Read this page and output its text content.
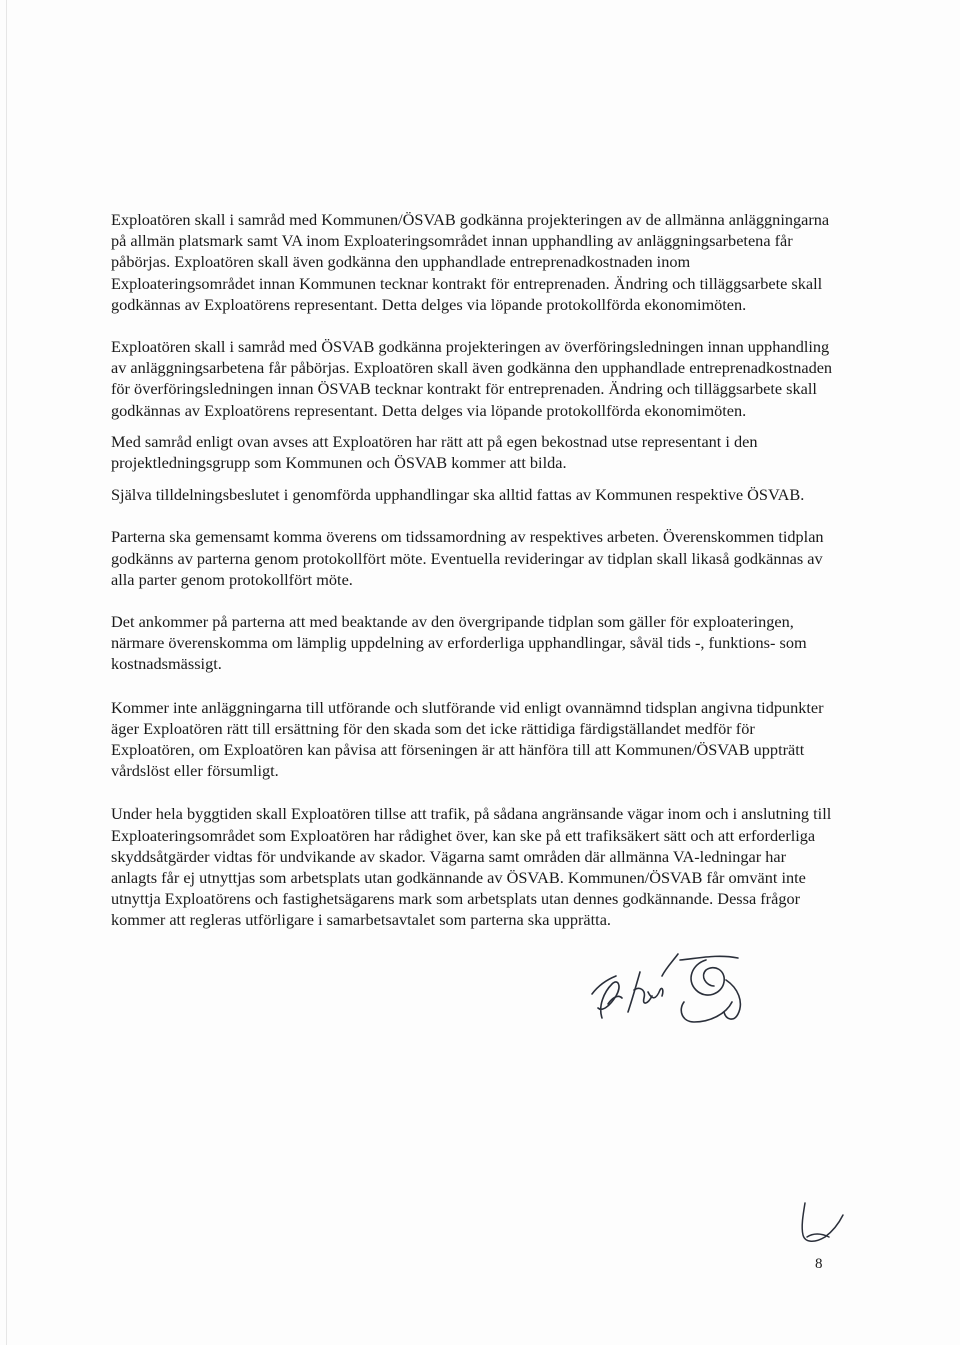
Exploatören skall i samråd med Kommunen/ÖSVAB godkänna projekteringen av de allmänna anläggningarna på allmän platsmark samt VA inom Exploateringsområdet innan upphandling av anläggningsarbetena får påbörjas. Exploatören skall även godkänna den upphandlade entreprenadkostnaden inom Exploateringsområdet innan Kommunen tecknar kontrakt för entreprenaden. Ändring och tilläggsarbete skall godkännas av Exploatörens representant. Detta delges via löpande protokollförda ekonomimöten.

Exploatören skall i samråd med ÖSVAB godkänna projekteringen av överföringsledningen innan upphandling av anläggningsarbetena får påbörjas. Exploatören skall även godkänna den upphandlade entreprenadkostnaden för överföringsledningen innan ÖSVAB tecknar kontrakt för entreprenaden. Ändring och tilläggsarbete skall godkännas av Exploatörens representant. Detta delges via löpande protokollförda ekonomimöten.

Med samråd enligt ovan avses att Exploatören har rätt att på egen bekostnad utse representant i den projektledningsgrupp som Kommunen och ÖSVAB kommer att bilda.

Själva tilldelningsbeslutet i genomförda upphandlingar ska alltid fattas av Kommunen respektive ÖSVAB.

Parterna ska gemensamt komma överens om tidssamordning av respektives arbeten. Överenskommen tidplan godkänns av parterna genom protokollfört möte. Eventuella revideringar av tidplan skall likaså godkännas av alla parter genom protokollfört möte.

Det ankommer på parterna att med beaktande av den övergripande tidplan som gäller för exploateringen, närmare överenskomma om lämplig uppdelning av erforderliga upphandlingar, såväl tids -, funktions- som kostnadsmässigt.

Kommer inte anläggningarna till utförande och slutförande vid enligt ovannämnd tidsplan angivna tidpunkter äger Exploatören rätt till ersättning för den skada som det icke rättidiga färdigställandet medför för Exploatören, om Exploatören kan påvisa att förseningen är att hänföra till att Kommunen/ÖSVAB uppträtt vårdslöst eller försumligt.

Under hela byggtiden skall Exploatören tillse att trafik, på sådana angränsande vägar inom och i anslutning till Exploateringsområdet som Exploatören har rådighet över, kan ske på ett trafiksäkert sätt och att erforderliga skyddsåtgärder vidtas för undvikande av skador. Vägarna samt områden där allmänna VA-ledningar har anlagts får ej utnyttjas som arbetsplats utan godkännande av ÖSVAB. Kommunen/ÖSVAB får omvänt inte utnyttja Exploatörens och fastighetsägarens mark som arbetsplats utan dennes godkännande. Dessa frågor kommer att regleras utförligare i samarbetsavtalet som parterna ska upprätta.

8
